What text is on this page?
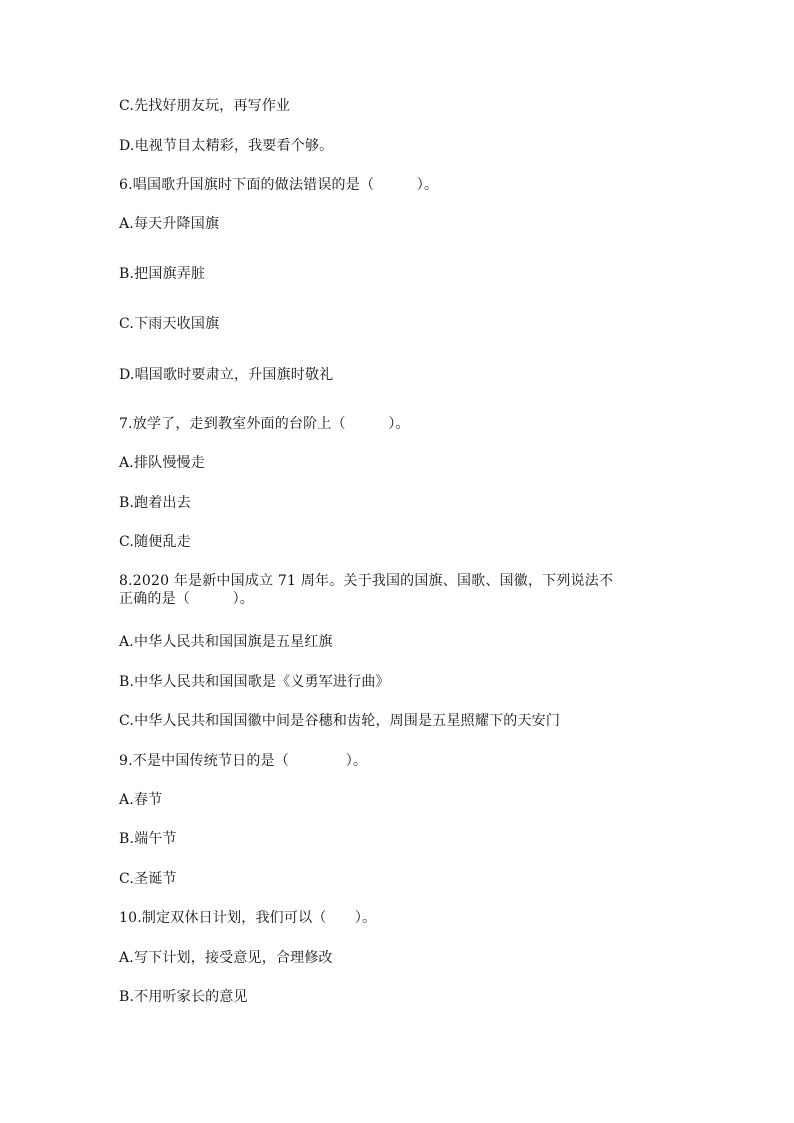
C.先找好朋友玩，再写作业
D.电视节目太精彩，我要看个够。
6.唱国歌升国旗时下面的做法错误的是（　　　）。
A.每天升降国旗
B.把国旗弄脏
C.下雨天收国旗
D.唱国歌时要肃立，升国旗时敬礼
7.放学了，走到教室外面的台阶上（　　　）。
A.排队慢慢走
B.跑着出去
C.随便乱走
8.2020 年是新中国成立 71 周年。关于我国的国旗、国歌、国徽，下列说法不
正确的是（　　　）。
A.中华人民共和国国旗是五星红旗
B.中华人民共和国国歌是《义勇军进行曲》
C.中华人民共和国国徽中间是谷穗和齿轮，周围是五星照耀下的天安门
9.不是中国传统节日的是（　　　　）。
A.春节
B.端午节
C.圣诞节
10.制定双休日计划，我们可以（　　）。
A.写下计划，接受意见，合理修改
B.不用听家长的意见
